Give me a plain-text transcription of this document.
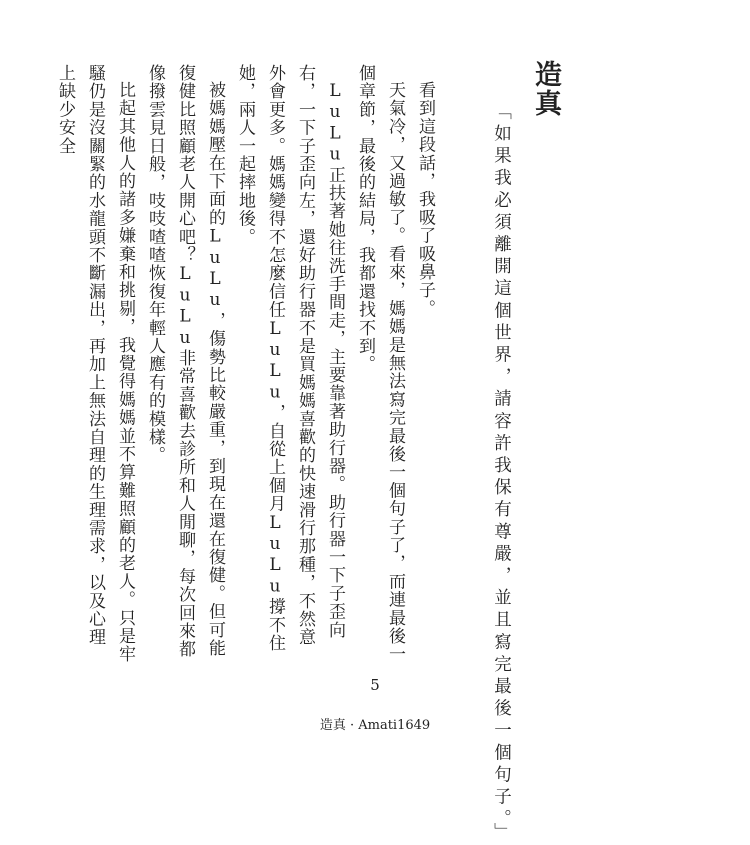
造真
「如果我必須離開這個世界，請容許我保有尊嚴，並且寫完最後一個句子。」

看到這段話，我吸了吸鼻子。

天氣冷，又過敏了。看來，媽媽是無法寫完最後一個句子了，而連最後一個章節，最後的結局，我都還找不到。

LuLu正扶著她往洗手間走，主要靠著助行器。助行器一下子歪向右，一下子歪向左，還好助行器不是買媽媽喜歡的快速滑行那種，不然意外會更多。媽媽變得不怎麼信任LuLu，自從上個月LuLu撐不住她，兩人一起摔地後。

被媽媽壓在下面的LuLu，傷勢比較嚴重，到現在還在復健。但可能復健比照顧老人開心吧？LuLu非常喜歡去診所和人閒聊，每次回來都像撥雲見日般，吱吱喳喳恢復年輕人應有的模樣。

比起其他人的諸多嫌棄和挑剔，我覺得媽媽並不算難照顧的老人。只是牢騷仍是沒關緊的水龍頭不斷漏出，再加上無法自理的生理需求，以及心理上缺少安全

5
造真 · Amati1649
